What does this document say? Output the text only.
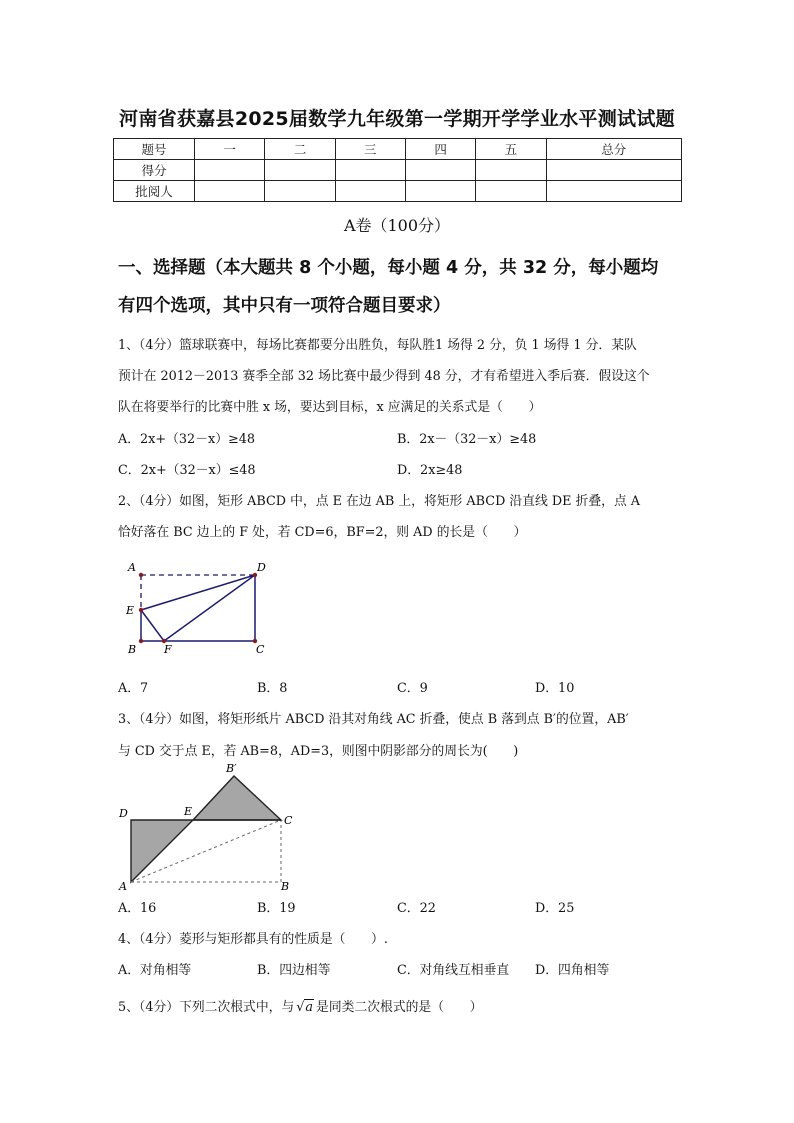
河南省获嘉县2025届数学九年级第一学期开学学业水平测试试题
题号	一	二	三	四	五	总分
得分						
批阅人						
A卷（100分）
一、选择题（本大题共 8 个小题，每小题 4 分，共 32 分，每小题均
有四个选项，其中只有一项符合题目要求）
1、（4分）篮球联赛中，每场比赛都要分出胜负，每队胜1 场得 2 分，负 1 场得 1 分．某队
预计在 2012－2013 赛季全部 32 场比赛中最少得到 48 分，才有希望进入季后赛．假设这个
队在将要举行的比赛中胜 x 场，要达到目标，x 应满足的关系式是（　　）
A．2x+（32－x）≥48	B．2x－（32－x）≥48
C．2x+（32－x）≤48	D．2x≥48
2、（4分）如图，矩形 ABCD 中，点 E 在边 AB 上，将矩形 ABCD 沿直线 DE 折叠，点 A
恰好落在 BC 边上的 F 处，若 CD=6，BF=2，则 AD 的长是（　　）
A	D
E
B	F	C
A．7	B．8	C．9	D．10
3、（4分）如图，将矩形纸片 ABCD 沿其对角线 AC 折叠，使点 B 落到点 B′的位置，AB′
与 CD 交于点 E，若 AB=8，AD=3，则图中阴影部分的周长为(　　)
B′
D	E
C
A	B
A．16	B．19	C．22	D．25
4、（4分）菱形与矩形都具有的性质是（　　）.
A．对角相等	B．四边相等	C．对角线互相垂直 D．四角相等
5、（4分）下列二次根式中，与 √a 是同类二次根式的是（　　）
